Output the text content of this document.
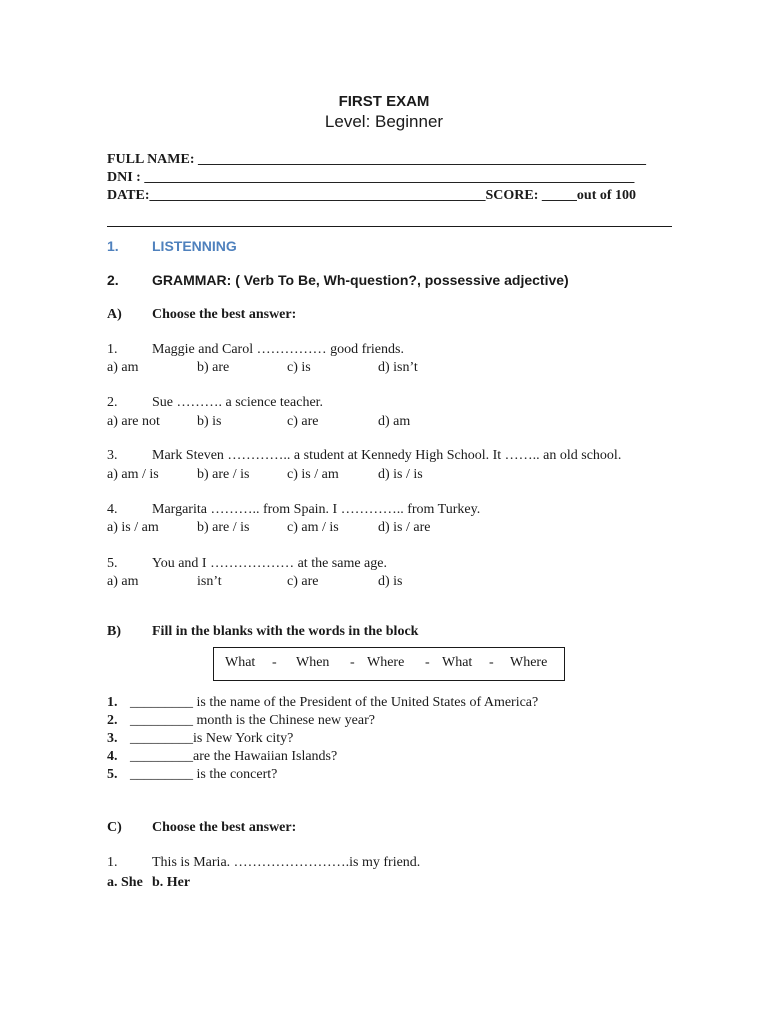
FIRST EXAM
Level: Beginner
FULL NAME: ________________________________________________________________
DNI : ______________________________________________________________________
DATE:________________________________________________SCORE: _____out of 100
1. LISTENNING
2. GRAMMAR: ( Verb To Be, Wh-question?, possessive adjective)
A) Choose the best answer:
1. Maggie and Carol …………… good friends.
a) am	b) are	c) is	d) isn’t
2. Sue ………. a science teacher.
a) are not	b) is	c) are	d) am
3. Mark Steven ………….. a student at Kennedy High School. It …….. an old school.
a) am / is	b) are / is	c) is / am	d) is / is
4. Margarita ……….. from Spain. I ………….. from Turkey.
a) is / am	b) are / is	c) am / is	d) is / are
5. You and I ……………… at the same age.
a) am	isn’t	c) are	d) is
B) Fill in the blanks with the words in the block
What - When - Where - What - Where
1. _________ is the name of the President of the United States of America?
2. _________ month is the Chinese new year?
3. _________is New York city?
4. _________are the Hawaiian Islands?
5. _________ is the concert?
C) Choose the best answer:
1. This is Maria. …………………….is my friend.
a. She b. Her
